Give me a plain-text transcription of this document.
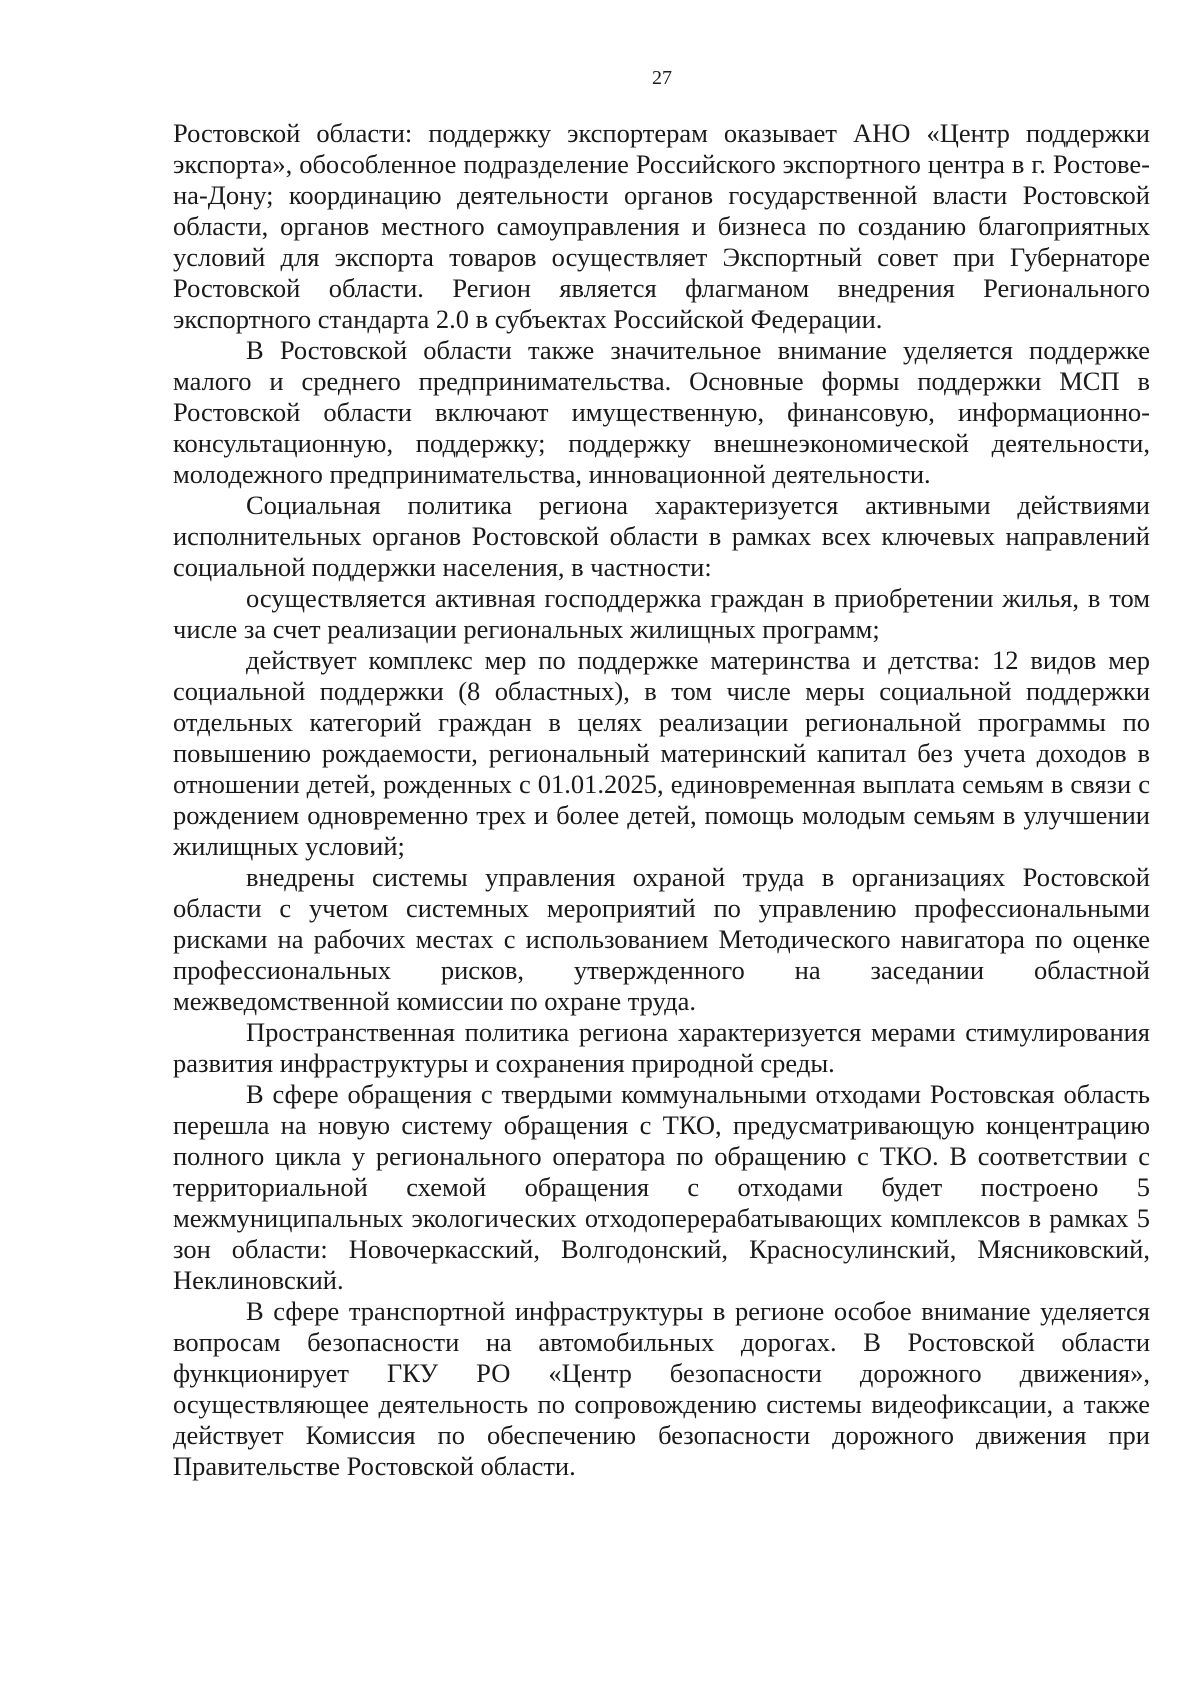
27

Ростовской области: поддержку экспортерам оказывает АНО «Центр поддержки экспорта», обособленное подразделение Российского экспортного центра в г. Ростове-на-Дону; координацию деятельности органов государственной власти Ростовской области, органов местного самоуправления и бизнеса по созданию благоприятных условий для экспорта товаров осуществляет Экспортный совет при Губернаторе Ростовской области. Регион является флагманом внедрения Регионального экспортного стандарта 2.0 в субъектах Российской Федерации.

В Ростовской области также значительное внимание уделяется поддержке малого и среднего предпринимательства. Основные формы поддержки МСП в Ростовской области включают имущественную, финансовую, информационно-консультационную, поддержку; поддержку внешнеэкономической деятельности, молодежного предпринимательства, инновационной деятельности.

Социальная политика региона характеризуется активными действиями исполнительных органов Ростовской области в рамках всех ключевых направлений социальной поддержки населения, в частности:

осуществляется активная господдержка граждан в приобретении жилья, в том числе за счет реализации региональных жилищных программ;

действует комплекс мер по поддержке материнства и детства: 12 видов мер социальной поддержки (8 областных), в том числе меры социальной поддержки отдельных категорий граждан в целях реализации региональной программы по повышению рождаемости, региональный материнский капитал без учета доходов в отношении детей, рожденных с 01.01.2025, единовременная выплата семьям в связи с рождением одновременно трех и более детей, помощь молодым семьям в улучшении жилищных условий;

внедрены системы управления охраной труда в организациях Ростовской области с учетом системных мероприятий по управлению профессиональными рисками на рабочих местах с использованием Методического навигатора по оценке профессиональных рисков, утвержденного на заседании областной межведомственной комиссии по охране труда.

Пространственная политика региона характеризуется мерами стимулирования развития инфраструктуры и сохранения природной среды.

В сфере обращения с твердыми коммунальными отходами Ростовская область перешла на новую систему обращения с ТКО, предусматривающую концентрацию полного цикла у регионального оператора по обращению с ТКО. В соответствии с территориальной схемой обращения с отходами будет построено 5 межмуниципальных экологических отходоперерабатывающих комплексов в рамках 5 зон области: Новочеркасский, Волгодонский, Красносулинский, Мясниковский, Неклиновский.

В сфере транспортной инфраструктуры в регионе особое внимание уделяется вопросам безопасности на автомобильных дорогах. В Ростовской области функционирует ГКУ РО «Центр безопасности дорожного движения», осуществляющее деятельность по сопровождению системы видеофиксации, а также действует Комиссия по обеспечению безопасности дорожного движения при Правительстве Ростовской области.
